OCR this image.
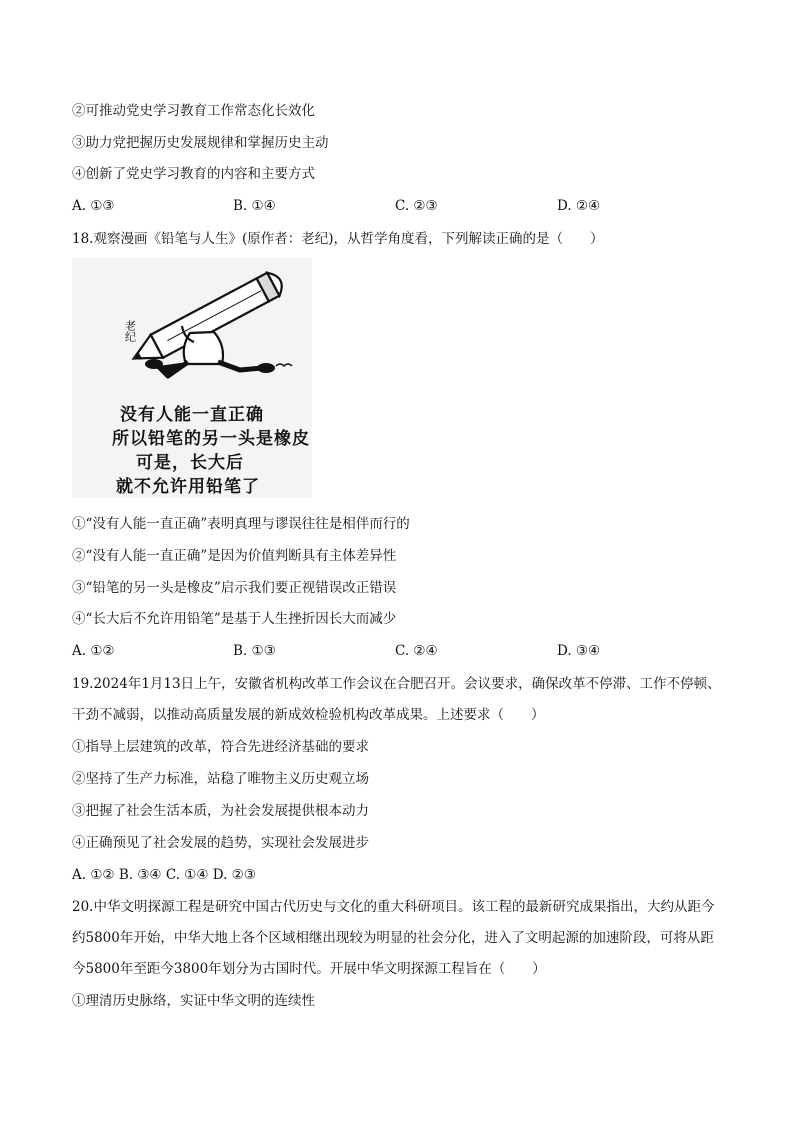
②可推动党史学习教育工作常态化长效化
③助力党把握历史发展规律和掌握历史主动
④创新了党史学习教育的内容和主要方式
A. ①③	B. ①④	C. ②③	D. ②④
18.观察漫画《铅笔与人生》(原作者：老纪)，从哲学角度看，下列解读正确的是（　　）
老纪
没有人能一直正确
所以铅笔的另一头是橡皮
可是，长大后
就不允许用铅笔了
①“没有人能一直正确”表明真理与谬误往往是相伴而行的
②“没有人能一直正确”是因为价值判断具有主体差异性
③“铅笔的另一头是橡皮”启示我们要正视错误改正错误
④“长大后不允许用铅笔”是基于人生挫折因长大而减少
A. ①②	B. ①③	C. ②④	D. ③④
19.2024年1月13日上午，安徽省机构改革工作会议在合肥召开。会议要求，确保改革不停滞、工作不停顿、干劲不减弱，以推动高质量发展的新成效检验机构改革成果。上述要求（　　）
①指导上层建筑的改革，符合先进经济基础的要求
②坚持了生产力标准，站稳了唯物主义历史观立场
③把握了社会生活本质，为社会发展提供根本动力
④正确预见了社会发展的趋势，实现社会发展进步
A. ①② B. ③④ C. ①④ D. ②③
20.中华文明探源工程是研究中国古代历史与文化的重大科研项目。该工程的最新研究成果指出，大约从距今约5800年开始，中华大地上各个区域相继出现较为明显的社会分化，进入了文明起源的加速阶段，可将从距今5800年至距今3800年划分为古国时代。开展中华文明探源工程旨在（　　）
①理清历史脉络，实证中华文明的连续性
